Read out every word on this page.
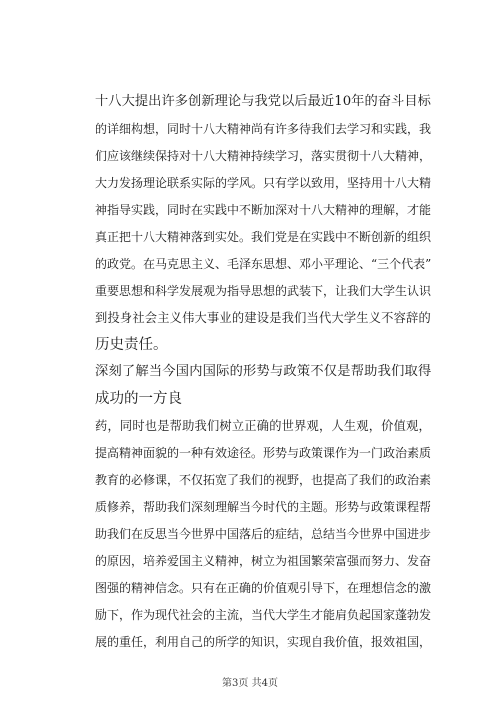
十八大提出许多创新理论与我党以后最近10年的奋斗目标
的详细构想，同时十八大精神尚有许多待我们去学习和实践，我
们应该继续保持对十八大精神持续学习，落实贯彻十八大精神，
大力发扬理论联系实际的学风。只有学以致用，坚持用十八大精
神指导实践，同时在实践中不断加深对十八大精神的理解，才能
真正把十八大精神落到实处。我们党是在实践中不断创新的组织
的政党。在马克思主义、毛泽东思想、邓小平理论、“三个代表”
重要思想和科学发展观为指导思想的武装下，让我们大学生认识
到投身社会主义伟大事业的建设是我们当代大学生义不容辞的
历史责任。
深刻了解当今国内国际的形势与政策不仅是帮助我们取得
成功的一方良
药，同时也是帮助我们树立正确的世界观，人生观，价值观，
提高精神面貌的一种有效途径。形势与政策课作为一门政治素质
教育的必修课，不仅拓宽了我们的视野，也提高了我们的政治素
质修养，帮助我们深刻理解当今时代的主题。形势与政策课程帮
助我们在反思当今世界中国落后的症结，总结当今世界中国进步
的原因，培养爱国主义精神，树立为祖国繁荣富强而努力、发奋
图强的精神信念。只有在正确的价值观引导下，在理想信念的激
励下，作为现代社会的主流，当代大学生才能肩负起国家蓬勃发
展的重任，利用自己的所学的知识，实现自我价值，报效祖国，
第3页 共4页
